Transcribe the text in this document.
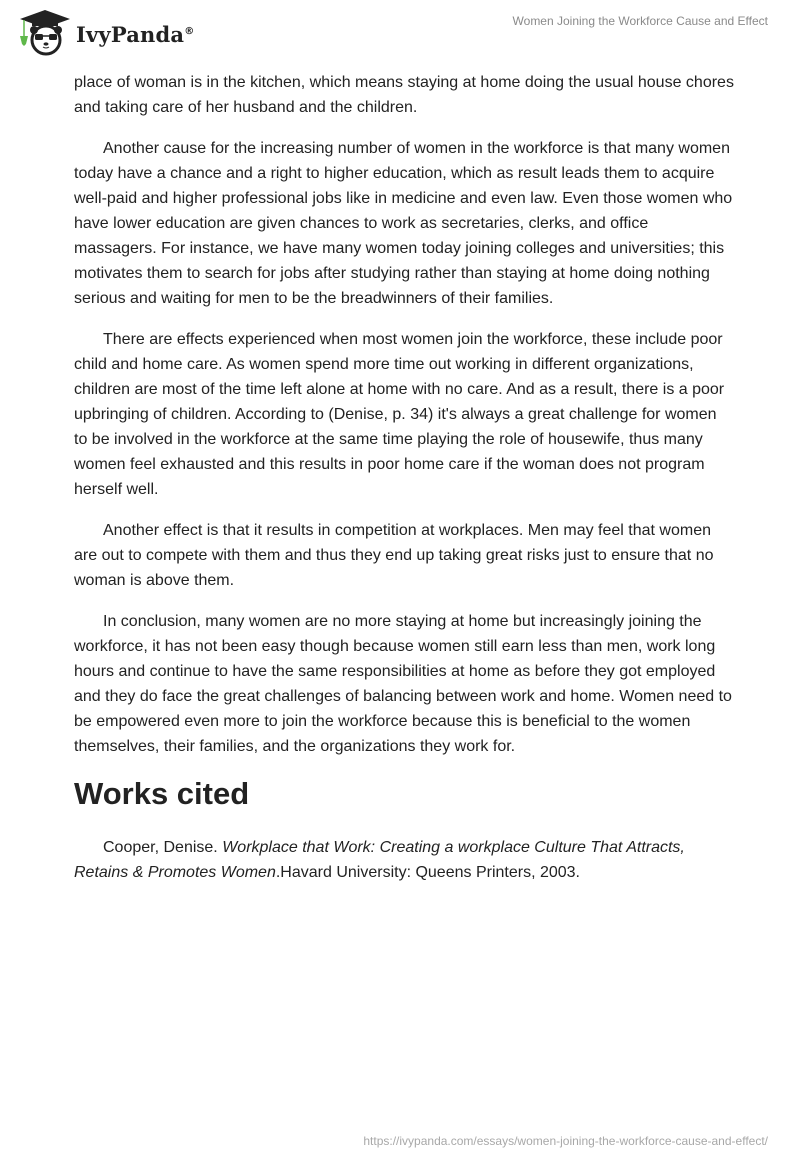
IvyPanda®
Women Joining the Workforce Cause and Effect

place of woman is in the kitchen, which means staying at home doing the usual house chores and taking care of her husband and the children.

Another cause for the increasing number of women in the workforce is that many women today have a chance and a right to higher education, which as result leads them to acquire well-paid and higher professional jobs like in medicine and even law. Even those women who have lower education are given chances to work as secretaries, clerks, and office massagers. For instance, we have many women today joining colleges and universities; this motivates them to search for jobs after studying rather than staying at home doing nothing serious and waiting for men to be the breadwinners of their families.

There are effects experienced when most women join the workforce, these include poor child and home care. As women spend more time out working in different organizations, children are most of the time left alone at home with no care. And as a result, there is a poor upbringing of children. According to (Denise, p. 34) it's always a great challenge for women to be involved in the workforce at the same time playing the role of housewife, thus many women feel exhausted and this results in poor home care if the woman does not program herself well.

Another effect is that it results in competition at workplaces. Men may feel that women are out to compete with them and thus they end up taking great risks just to ensure that no woman is above them.

In conclusion, many women are no more staying at home but increasingly joining the workforce, it has not been easy though because women still earn less than men, work long hours and continue to have the same responsibilities at home as before they got employed and they do face the great challenges of balancing between work and home. Women need to be empowered even more to join the workforce because this is beneficial to the women themselves, their families, and the organizations they work for.

Works cited

Cooper, Denise. Workplace that Work: Creating a workplace Culture That Attracts, Retains & Promotes Women.Havard University: Queens Printers, 2003.

https://ivypanda.com/essays/women-joining-the-workforce-cause-and-effect/
